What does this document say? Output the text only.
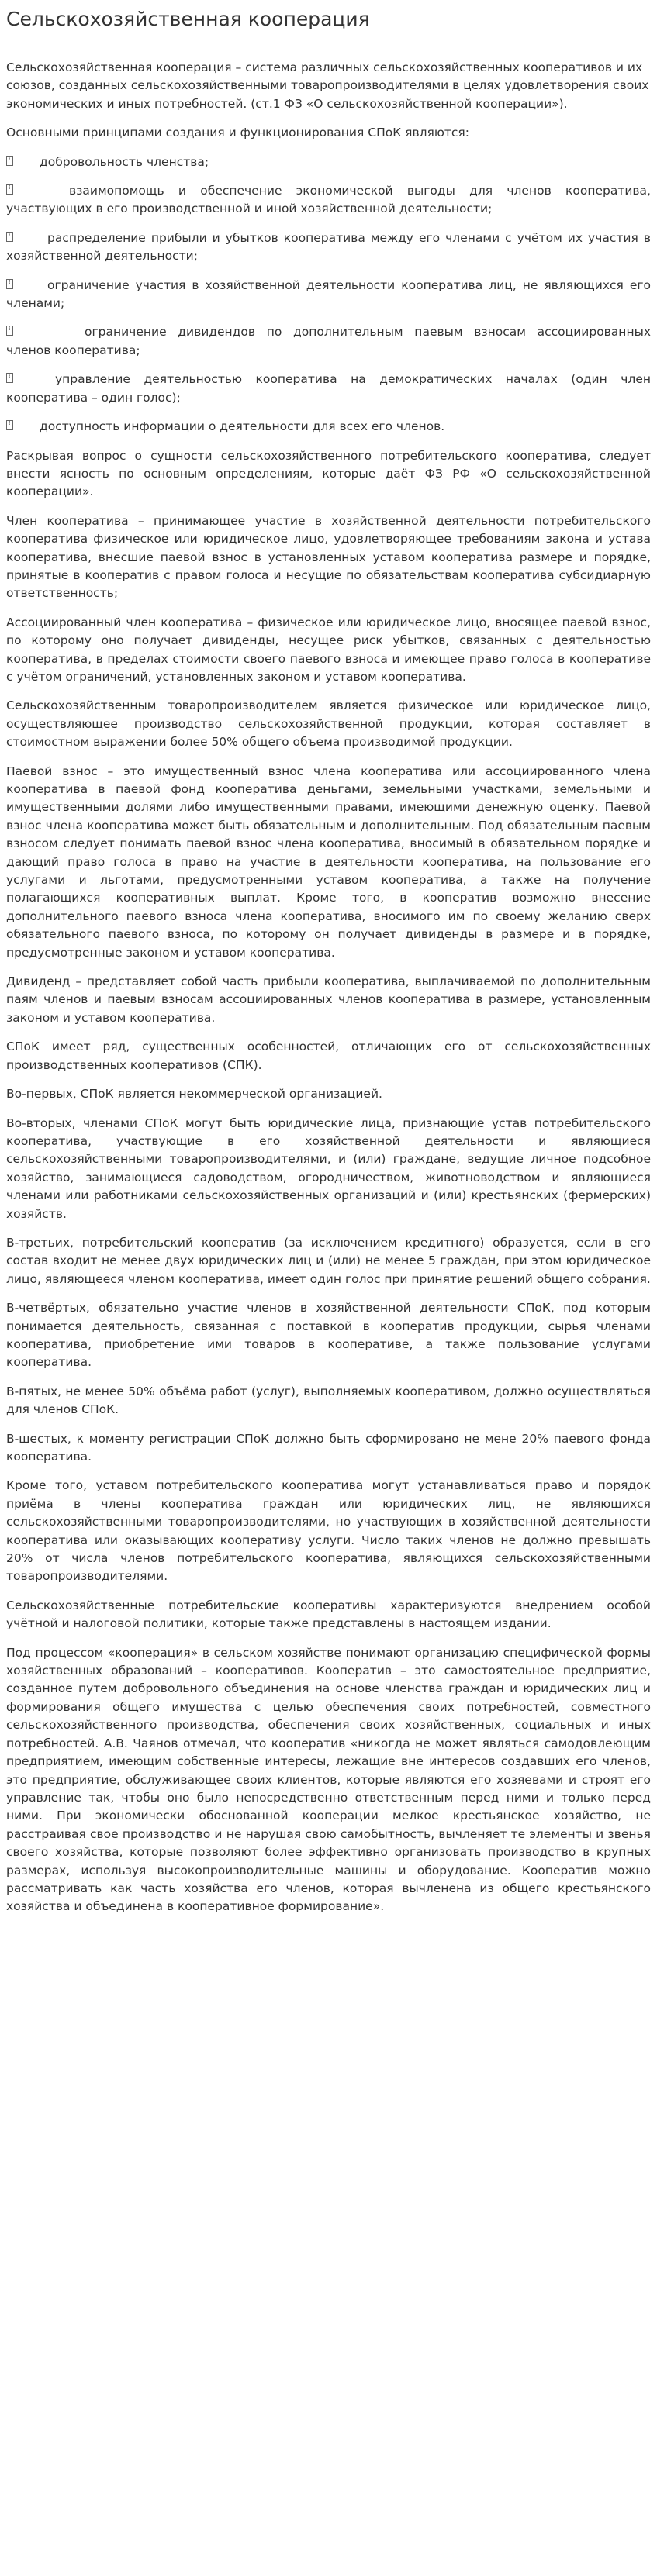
Сельскохозяйственная кооперация

Сельскохозяйственная кооперация – система различных сельскохозяйственных кооперативов и их союзов, созданных сельскохозяйственными товаропроизводителями в целях удовлетворения своих экономических и иных потребностей. (ст.1 ФЗ «О сельскохозяйственной кооперации»).

Основными принципами создания и функционирования СПоК являются:

⁞ добровольность членства;
⁞	взаимопомощь и обеспечение экономической выгоды для членов кооператива, участвующих в его производственной и иной хозяйственной деятельности;
⁞	распределение прибыли и убытков кооператива между его членами с учётом их участия в хозяйственной деятельности;
⁞	ограничение участия в хозяйственной деятельности кооператива лиц, не являющихся его членами;
⁞	ограничение дивидендов по дополнительным паевым взносам ассоциированных членов кооператива;
⁞	управление деятельностью кооператива на демократических началах (один член кооператива – один голос);
⁞ доступность информации о деятельности для всех его членов.

Раскрывая вопрос о сущности сельскохозяйственного потребительского кооператива, следует внести ясность по основным определениям, которые даёт ФЗ РФ «О сельскохозяйственной кооперации».

Член кооператива – принимающее участие в хозяйственной деятельности потребительского кооператива физическое или юридическое лицо, удовлетворяющее требованиям закона и устава кооператива, внесшие паевой взнос в установленных уставом кооператива размере и порядке, принятые в кооператив с правом голоса и несущие по обязательствам кооператива субсидиарную ответственность;

Ассоциированный член кооператива – физическое или юридическое лицо, вносящее паевой взнос, по которому оно получает дивиденды, несущее риск убытков, связанных с деятельностью кооператива, в пределах стоимости своего паевого взноса и имеющее право голоса в кооперативе с учётом ограничений, установленных законом и уставом кооператива.

Сельскохозяйственным товаропроизводителем является физическое или юридическое лицо, осуществляющее производство сельскохозяйственной продукции, которая составляет в стоимостном выражении более 50% общего объема производимой продукции.

Паевой взнос – это имущественный взнос члена кооператива или ассоциированного члена кооператива в паевой фонд кооператива деньгами, земельными участками, земельными и имущественными долями либо имущественными правами, имеющими денежную оценку. Паевой взнос члена кооператива может быть обязательным и дополнительным. Под обязательным паевым взносом следует понимать паевой взнос члена кооператива, вносимый в обязательном порядке и дающий право голоса в право на участие в деятельности кооператива, на пользование его услугами и льготами, предусмотренными уставом кооператива, а также на получение полагающихся кооперативных выплат. Кроме того, в кооператив возможно внесение дополнительного паевого взноса члена кооператива, вносимого им по своему желанию сверх обязательного паевого взноса, по которому он получает дивиденды в размере и в порядке, предусмотренные законом и уставом кооператива.

Дивиденд – представляет собой часть прибыли кооператива, выплачиваемой по дополнительным паям членов и паевым взносам ассоциированных членов кооператива в размере, установленным законом и уставом кооператива.

СПоК имеет ряд, существенных особенностей, отличающих его от сельскохозяйственных производственных кооперативов (СПК).

Во-первых, СПоК является некоммерческой организацией.

Во-вторых, членами СПоК могут быть юридические лица, признающие устав потребительского кооператива, участвующие в его хозяйственной деятельности и являющиеся сельскохозяйственными товаропроизводителями, и (или) граждане, ведущие личное подсобное хозяйство, занимающиеся садоводством, огородничеством, животноводством и являющиеся членами или работниками сельскохозяйственных организаций и (или) крестьянских (фермерских) хозяйств.

В-третьих, потребительский кооператив (за исключением кредитного) образуется, если в его состав входит не менее двух юридических лиц и (или) не менее 5 граждан, при этом юридическое лицо, являющееся членом кооператива, имеет один голос при принятие решений общего собрания.

В-четвёртых, обязательно участие членов в хозяйственной деятельности СПоК, под которым понимается деятельность, связанная с поставкой в кооператив продукции, сырья членами кооператива, приобретение ими товаров в кооперативе, а также пользование услугами кооператива.

В-пятых, не менее 50% объёма работ (услуг), выполняемых кооперативом, должно осуществляться для членов СПоК.

В-шестых, к моменту регистрации СПоК должно быть сформировано не мене 20% паевого фонда кооператива.

Кроме того, уставом потребительского кооператива могут устанавливаться право и порядок приёма в члены кооператива граждан или юридических лиц, не являющихся сельскохозяйственными товаропроизводителями, но участвующих в хозяйственной деятельности кооператива или оказывающих кооперативу услуги. Число таких членов не должно превышать 20% от числа членов потребительского кооператива, являющихся сельскохозяйственными товаропроизводителями.

Сельскохозяйственные потребительские кооперативы характеризуются внедрением особой учётной и налоговой политики, которые также представлены в настоящем издании.

Под процессом «кооперация» в сельском хозяйстве понимают организацию специфической формы хозяйственных образований – кооперативов. Кооператив – это самостоятельное предприятие, созданное путем добровольного объединения на основе членства граждан и юридических лиц и формирования общего имущества с целью обеспечения своих потребностей, совместного сельскохозяйственного производства, обеспечения своих хозяйственных, социальных и иных потребностей. А.В. Чаянов отмечал, что кооператив «никогда не может являться самодовлеющим предприятием, имеющим собственные интересы, лежащие вне интересов создавших его членов, это предприятие, обслуживающее своих клиентов, которые являются его хозяевами и строят его управление так, чтобы оно было непосредственно ответственным перед ними и только перед ними. При экономически обоснованной кооперации мелкое крестьянское хозяйство, не расстраивая свое производство и не нарушая свою самобытность, вычленяет те элементы и звенья своего хозяйства, которые позволяют более эффективно организовать производство в крупных размерах, используя высокопроизводительные машины и оборудование. Кооператив можно рассматривать как часть хозяйства его членов, которая вычленена из общего крестьянского хозяйства и объединена в кооперативное формирование».
